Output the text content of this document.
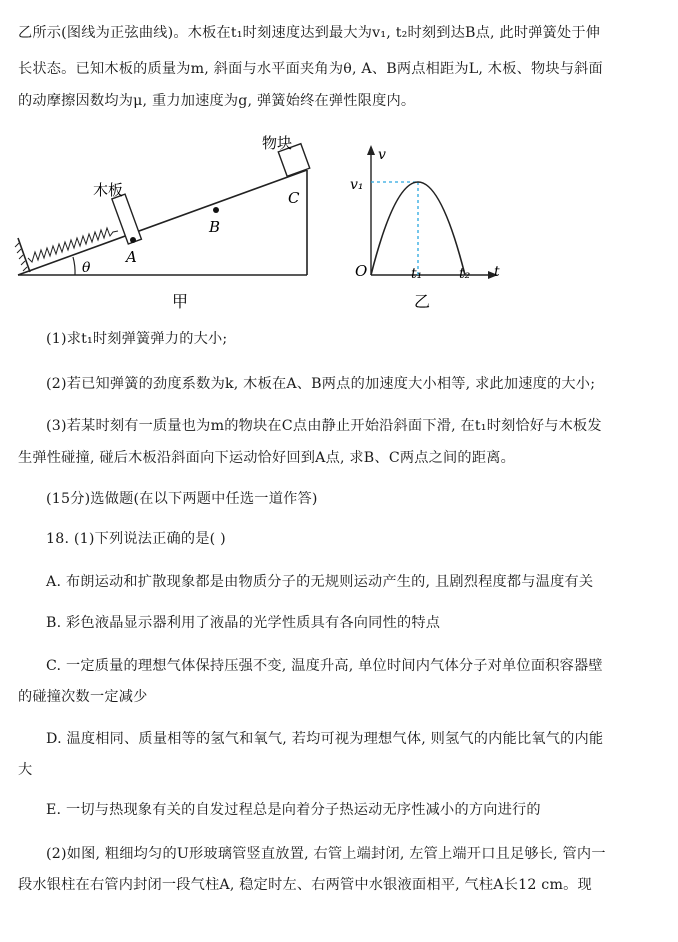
乙所示(图线为正弦曲线)。木板在t₁时刻速度达到最大为v₁, t₂时刻到达B点, 此时弹簧处于伸
长状态。已知木板的质量为m, 斜面与水平面夹角为θ, A、B两点相距为L, 木板、物块与斜面
的动摩擦因数均为μ, 重力加速度为g, 弹簧始终在弹性限度内。
物块
木板
A
B
C
θ
甲
v
t
v₁
O	t₁	t₂
乙
(1)求t₁时刻弹簧弹力的大小;
(2)若已知弹簧的劲度系数为k, 木板在A、B两点的加速度大小相等, 求此加速度的大小;
(3)若某时刻有一质量也为m的物块在C点由静止开始沿斜面下滑, 在t₁时刻恰好与木板发
生弹性碰撞, 碰后木板沿斜面向下运动恰好回到A点, 求B、C两点之间的距离。
(15分)选做题(在以下两题中任选一道作答)
18. (1)下列说法正确的是( )
A. 布朗运动和扩散现象都是由物质分子的无规则运动产生的, 且剧烈程度都与温度有关
B. 彩色液晶显示器利用了液晶的光学性质具有各向同性的特点
C. 一定质量的理想气体保持压强不变, 温度升高, 单位时间内气体分子对单位面积容器壁
的碰撞次数一定减少
D. 温度相同、质量相等的氢气和氧气, 若均可视为理想气体, 则氢气的内能比氧气的内能
大
E. 一切与热现象有关的自发过程总是向着分子热运动无序性减小的方向进行的
(2)如图, 粗细均匀的U形玻璃管竖直放置, 右管上端封闭, 左管上端开口且足够长, 管内一
段水银柱在右管内封闭一段气柱A, 稳定时左、右两管中水银液面相平, 气柱A长12 cm。现
